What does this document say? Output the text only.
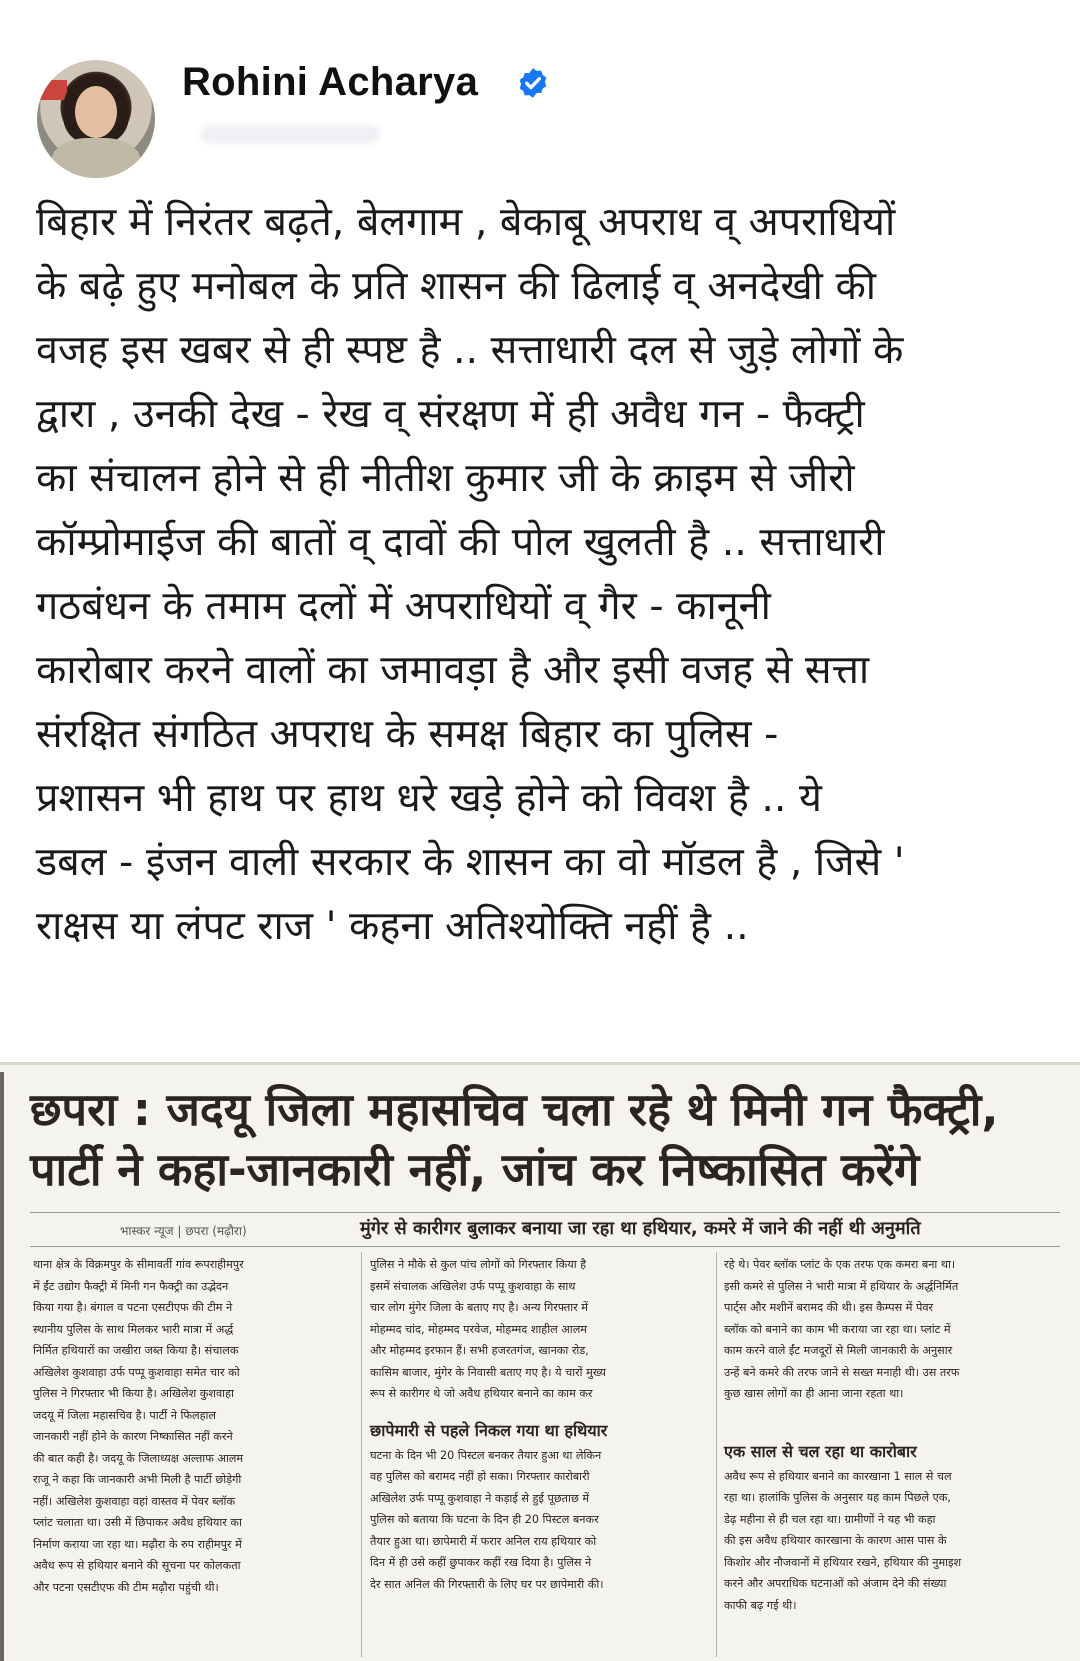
Rohini Acharya

बिहार में निरंतर बढ़ते, बेलगाम , बेकाबू अपराध व् अपराधियों

के बढ़े हुए मनोबल के प्रति शासन की ढिलाई व् अनदेखी की

वजह इस खबर से ही स्पष्ट है .. सत्ताधारी दल से जुड़े लोगों के

द्वारा , उनकी देख - रेख व् संरक्षण में ही अवैध गन - फैक्ट्री

का संचालन होने से ही नीतीश कुमार जी के क्राइम से जीरो

कॉम्प्रोमाईज की बातों व् दावों की पोल खुलती है .. सत्ताधारी

गठबंधन के तमाम दलों में अपराधियों व् गैर - कानूनी

कारोबार करने वालों का जमावड़ा है और इसी वजह से सत्ता

संरक्षित संगठित अपराध के समक्ष बिहार का पुलिस -

प्रशासन भी हाथ पर हाथ धरे खड़े होने को विवश है .. ये

डबल - इंजन वाली सरकार के शासन का वो मॉडल है , जिसे '

राक्षस या लंपट राज ' कहना अतिश्योक्ति नहीं है ..

छपरा : जदयू जिला महासचिव चला रहे थे मिनी गन फैक्ट्री,
पार्टी ने कहा-जानकारी नहीं, जांच कर निष्कासित करेंगे
भास्कर न्यूज | छपरा (मढ़ौरा)	मुंगेर से कारीगर बुलाकर बनाया जा रहा था हथियार, कमरे में जाने की नहीं थी अनुमति

थाना क्षेत्र के विक्रमपुर के सीमावर्ती गांव रूपराहीमपुर

में ईंट उद्योग फैक्ट्री में मिनी गन फैक्ट्री का उद्भेदन

किया गया है। बंगाल व पटना एसटीएफ की टीम ने

स्थानीय पुलिस के साथ मिलकर भारी मात्रा में अर्द्ध

निर्मित हथियारों का जखीरा जब्त किया है। संचालक

अखिलेश कुशवाहा उर्फ पप्पू कुशवाहा समेत चार को

पुलिस ने गिरफ्तार भी किया है। अखिलेश कुशवाहा

जदयू में जिला महासचिव है। पार्टी ने फिलहाल

जानकारी नहीं होने के कारण निष्कासित नहीं करने

की बात कही है। जदयू के जिलाध्यक्ष अल्ताफ आलम

राजू ने कहा कि जानकारी अभी मिली है पार्टी छोड़ेगी

नहीं। अखिलेश कुशवाहा वहां वास्तव में पेवर ब्लॉक

प्लांट चलाता था। उसी में छिपाकर अवैध हथियार का

निर्माण कराया जा रहा था। मढ़ौरा के रुप राहीमपुर में

अवैध रूप से हथियार बनाने की सूचना पर कोलकता

और पटना एसटीएफ की टीम मढ़ौरा पहुंची थी।

पुलिस ने मौके से कुल पांच लोगों को गिरफ्तार किया है

इसमें संचालक अखिलेश उर्फ पप्पू कुशवाहा के साथ

चार लोग मुंगेर जिला के बताए गए है। अन्य गिरफ्तार में

मोहम्मद चांद, मोहम्मद परवेज, मोहम्मद शाहील आलम

और मोहम्मद इरफान हैं। सभी हजरतगंज, खानका रोड,

कासिम बाजार, मुंगेर के निवासी बताए गए है। ये चारों मुख्य

रूप से कारीगर थे जो अवैध हथियार बनाने का काम कर

छापेमारी से पहले निकल गया था हथियार

घटना के दिन भी 20 पिस्टल बनकर तैयार हुआ था लेकिन

वह पुलिस को बरामद नहीं हो सका। गिरफ्तार कारोबारी

अखिलेश उर्फ पप्पू कुशवाहा ने कड़ाई से हुई पूछताछ में

पुलिस को बताया कि घटना के दिन ही 20 पिस्टल बनकर

तैयार हुआ था। छापेमारी में फरार अनिल राय हथियार को

दिन में ही उसे कहीं छुपाकर कहीं रख दिया है। पुलिस ने

देर सात अनिल की गिरफ्तारी के लिए घर पर छापेमारी की।

रहे थे। पेवर ब्लॉक प्लांट के एक तरफ एक कमरा बना था।

इसी कमरे से पुलिस ने भारी मात्रा में हथियार के अर्द्धनिर्मित

पार्ट्स और मशीनें बरामद की थी। इस कैम्पस में पेवर

ब्लॉक को बनाने का काम भी कराया जा रहा था। प्लांट में

काम करने वाले ईंट मजदूरों से मिली जानकारी के अनुसार

उन्हें बने कमरे की तरफ जाने से सख्त मनाही थी। उस तरफ

कुछ खास लोगों का ही आना जाना रहता था।

एक साल से चल रहा था कारोबार

अवैध रूप से हथियार बनाने का कारखाना 1 साल से चल

रहा था। हालांकि पुलिस के अनुसार यह काम पिछले एक,

डेढ़ महीना से ही चल रहा था। ग्रामीणों ने यह भी कहा

की इस अवैध हथियार कारखाना के कारण आस पास के

किशोर और नौजवानों में हथियार रखने, हथियार की नुमाइश

करने और अपराधिक घटनाओं को अंजाम देने की संख्या

काफी बढ़ गई थी।
